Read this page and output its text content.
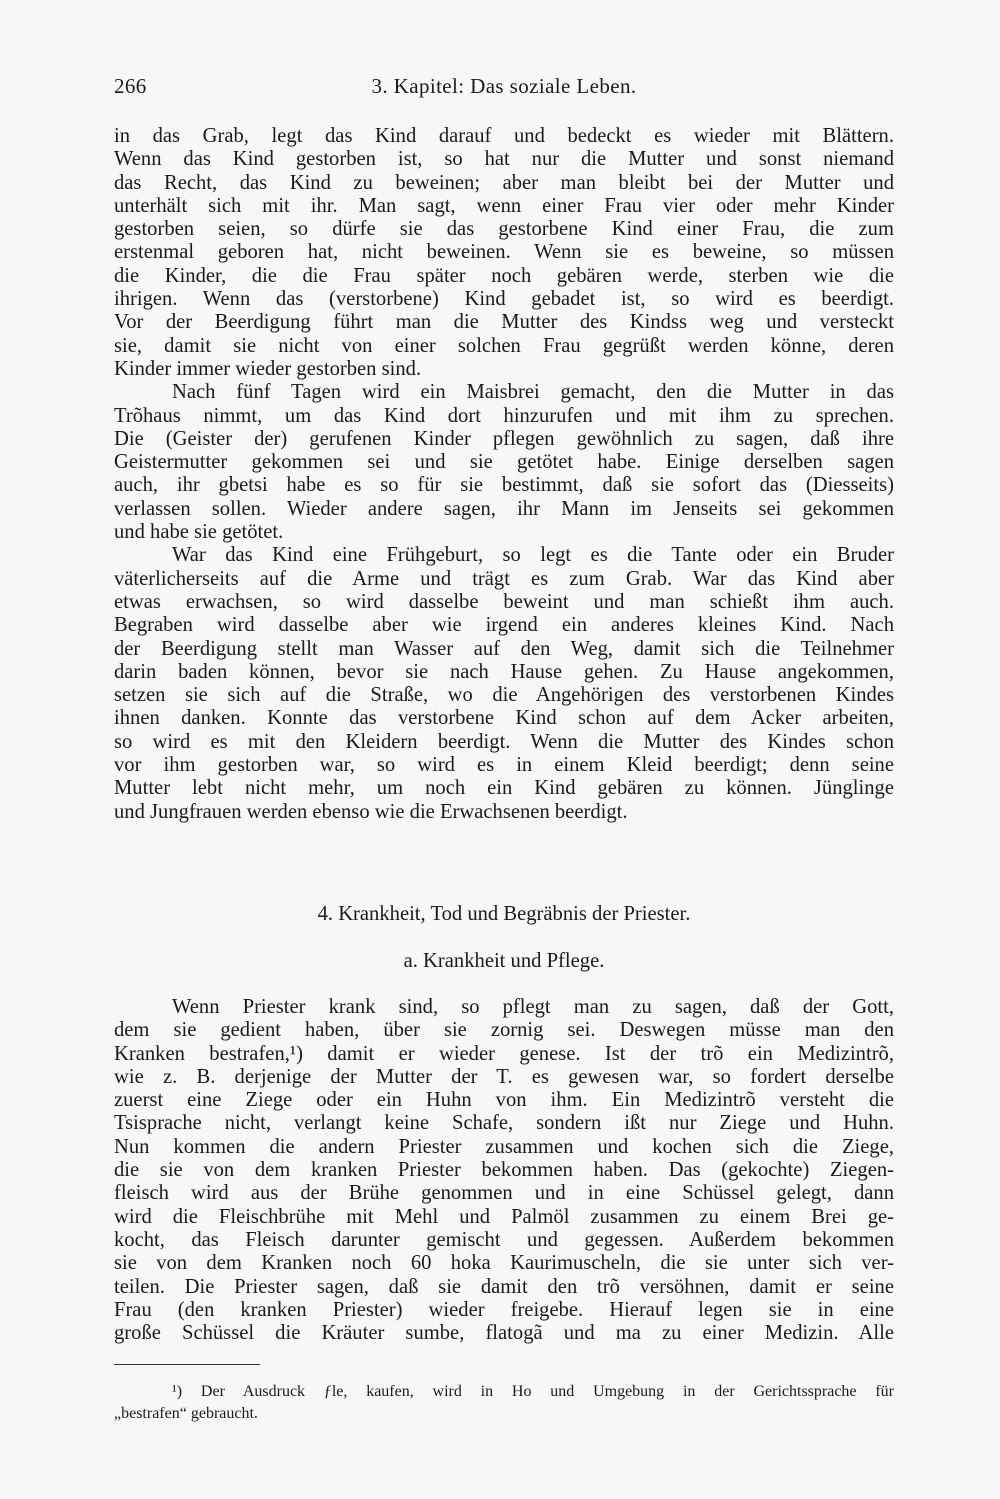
266	3. Kapitel: Das soziale Leben.
in das Grab, legt das Kind darauf und bedeckt es wieder mit Blättern.
Wenn das Kind gestorben ist, so hat nur die Mutter und sonst niemand
das Recht, das Kind zu beweinen; aber man bleibt bei der Mutter und
unterhält sich mit ihr. Man sagt, wenn einer Frau vier oder mehr Kinder
gestorben seien, so dürfe sie das gestorbene Kind einer Frau, die zum
erstenmal geboren hat, nicht beweinen. Wenn sie es beweine, so müssen
die Kinder, die die Frau später noch gebären werde, sterben wie die
ihrigen. Wenn das (verstorbene) Kind gebadet ist, so wird es beerdigt.
Vor der Beerdigung führt man die Mutter des Kindss weg und versteckt
sie, damit sie nicht von einer solchen Frau gegrüßt werden könne, deren
Kinder immer wieder gestorben sind.
Nach fünf Tagen wird ein Maisbrei gemacht, den die Mutter in das
Trõhaus nimmt, um das Kind dort hinzurufen und mit ihm zu sprechen.
Die (Geister der) gerufenen Kinder pflegen gewöhnlich zu sagen, daß ihre
Geistermutter gekommen sei und sie getötet habe. Einige derselben sagen
auch, ihr gbetsi habe es so für sie bestimmt, daß sie sofort das (Diesseits)
verlassen sollen. Wieder andere sagen, ihr Mann im Jenseits sei gekommen
und habe sie getötet.
War das Kind eine Frühgeburt, so legt es die Tante oder ein Bruder
väterlicherseits auf die Arme und trägt es zum Grab. War das Kind aber
etwas erwachsen, so wird dasselbe beweint und man schießt ihm auch.
Begraben wird dasselbe aber wie irgend ein anderes kleines Kind. Nach
der Beerdigung stellt man Wasser auf den Weg, damit sich die Teilnehmer
darin baden können, bevor sie nach Hause gehen. Zu Hause angekommen,
setzen sie sich auf die Straße, wo die Angehörigen des verstorbenen Kindes
ihnen danken. Konnte das verstorbene Kind schon auf dem Acker arbeiten,
so wird es mit den Kleidern beerdigt. Wenn die Mutter des Kindes schon
vor ihm gestorben war, so wird es in einem Kleid beerdigt; denn seine
Mutter lebt nicht mehr, um noch ein Kind gebären zu können. Jünglinge
und Jungfrauen werden ebenso wie die Erwachsenen beerdigt.
4. Krankheit, Tod und Begräbnis der Priester.
a. Krankheit und Pflege.
Wenn Priester krank sind, so pflegt man zu sagen, daß der Gott,
dem sie gedient haben, über sie zornig sei. Deswegen müsse man den
Kranken bestrafen,¹) damit er wieder genese. Ist der trõ ein Medizintrõ,
wie z. B. derjenige der Mutter der T. es gewesen war, so fordert derselbe
zuerst eine Ziege oder ein Huhn von ihm. Ein Medizintrõ versteht die
Tsisprache nicht, verlangt keine Schafe, sondern ißt nur Ziege und Huhn.
Nun kommen die andern Priester zusammen und kochen sich die Ziege,
die sie von dem kranken Priester bekommen haben. Das (gekochte) Ziegen-
fleisch wird aus der Brühe genommen und in eine Schüssel gelegt, dann
wird die Fleischbrühe mit Mehl und Palmöl zusammen zu einem Brei ge-
kocht, das Fleisch darunter gemischt und gegessen. Außerdem bekommen
sie von dem Kranken noch 60 hoka Kaurimuscheln, die sie unter sich ver-
teilen. Die Priester sagen, daß sie damit den trõ versöhnen, damit er seine
Frau (den kranken Priester) wieder freigebe. Hierauf legen sie in eine
große Schüssel die Kräuter sumbe, flatogã und ma zu einer Medizin. Alle
¹) Der Ausdruck ƒle, kaufen, wird in Ho und Umgebung in der Gerichtssprache für
„bestrafen“ gebraucht.
